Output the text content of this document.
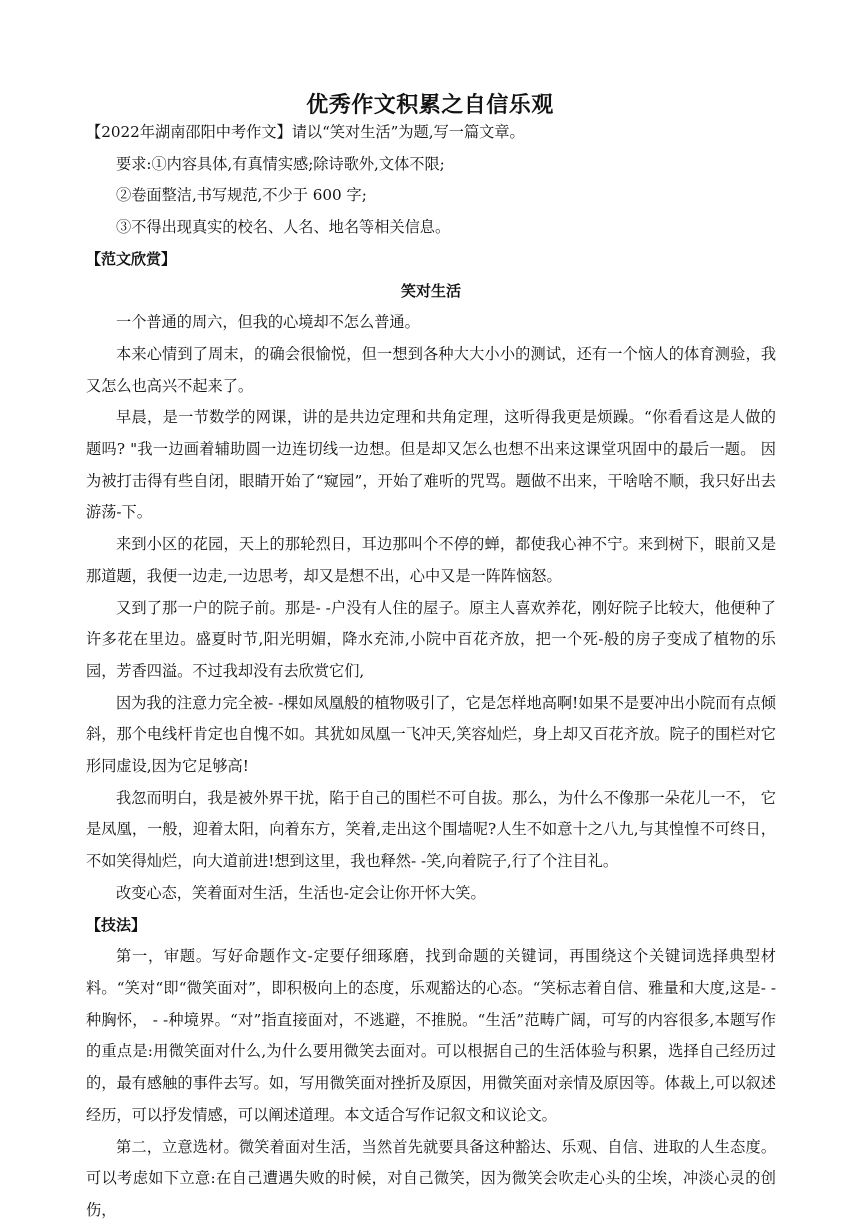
优秀作文积累之自信乐观

【2022年湖南邵阳中考作文】请以“笑对生活”为题,写一篇文章。

要求:①内容具体,有真情实感;除诗歌外,文体不限;

②卷面整洁,书写规范,不少于 600 字;

③不得出现真实的校名、人名、地名等相关信息。

【范文欣赏】

笑对生活

一个普通的周六，但我的心境却不怎么普通。

本来心情到了周末，的确会很愉悦，但一想到各种大大小小的测试，还有一个恼人的体育测验，我又怎么也高兴不起来了。

早晨，是一节数学的网课，讲的是共边定理和共角定理，这听得我更是烦躁。“你看看这是人做的题吗? "我一边画着辅助圆一边连切线一边想。但是却又怎么也想不出来这课堂巩固中的最后一题。 因为被打击得有些自闭，眼睛开始了“窥园”，开始了难听的咒骂。题做不出来，干啥啥不顺，我只好出去游荡-下。

来到小区的花园，天上的那轮烈日，耳边那叫个不停的蝉，都使我心神不宁。来到树下，眼前又是那道题，我便一边走,一边思考，却又是想不出，心中又是一阵阵恼怒。

又到了那一户的院子前。那是- -户没有人住的屋子。原主人喜欢养花，刚好院子比较大，他便种了许多花在里边。盛夏时节,阳光明媚，降水充沛,小院中百花齐放，把一个死-般的房子变成了植物的乐园，芳香四溢。不过我却没有去欣赏它们,

因为我的注意力完全被- -棵如凤凰般的植物吸引了，它是怎样地高啊!如果不是要冲出小院而有点倾斜，那个电线杆肯定也自愧不如。其犹如凤凰一飞冲天,笑容灿烂，身上却又百花齐放。院子的围栏对它形同虚设,因为它足够高!

我忽而明白，我是被外界干扰，陷于自己的围栏不可自拔。那么，为什么不像那一朵花儿一不， 它是凤凰，一般，迎着太阳，向着东方，笑着,走出这个围墙呢?人生不如意十之八九,与其惶惶不可终日，不如笑得灿烂，向大道前进!想到这里，我也释然- -笑,向着院子,行了个注目礼。

改变心态，笑着面对生活，生活也-定会让你开怀大笑。

【技法】

第一，审题。写好命题作文-定要仔细琢磨，找到命题的关键词，再围绕这个关键词选择典型材料。“笑对“即“微笑面对”，即积极向上的态度，乐观豁达的心态。“笑标志着自信、雅量和大度,这是- -种胸怀， - -种境界。“对”指直接面对，不逃避，不推脱。“生活”范畴广阔，可写的内容很多,本题写作的重点是:用微笑面对什么,为什么要用微笑去面对。可以根据自己的生活体验与积累，选择自己经历过的，最有感触的事件去写。如，写用微笑面对挫折及原因，用微笑面对亲情及原因等。体裁上,可以叙述经历，可以抒发情感，可以阐述道理。本文适合写作记叙文和议论文。

第二，立意选材。微笑着面对生活，当然首先就要具备这种豁达、乐观、自信、进取的人生态度。可以考虑如下立意:在自己遭遇失败的时候，对自己微笑，因为微笑会吹走心头的尘埃，冲淡心灵的创伤，
